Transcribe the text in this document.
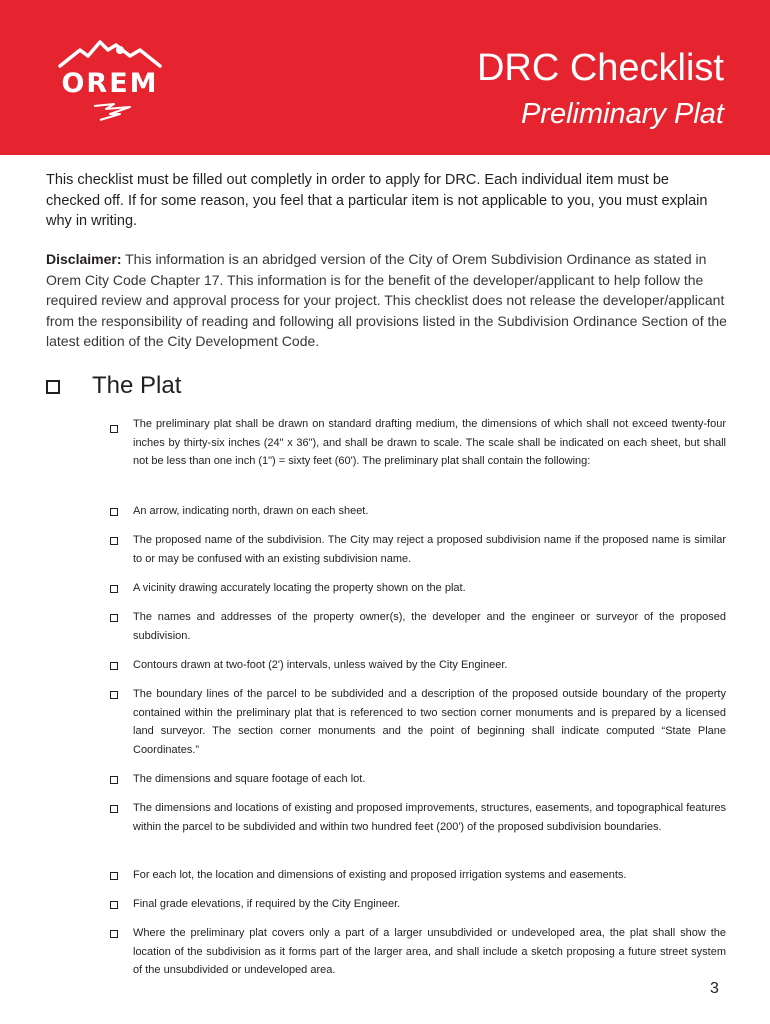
OREM	DRC Checklist
Preliminary Plat

This checklist must be filled out completly in order to apply for DRC. Each individual item must be checked off. If for some reason, you feel that a particular item is not applicable to you, you must explain why in writing.

Disclaimer: This information is an abridged version of the City of Orem Subdivision Ordinance as stated in Orem City Code Chapter 17. This information is for the benefit of the developer/applicant to help follow the required review and approval process for your project. This checklist does not release the developer/applicant from the responsibility of reading and following all provisions listed in the Subdivision Ordinance Section of the latest edition of the City Development Code.

The Plat

The preliminary plat shall be drawn on standard drafting medium, the dimensions of which shall not exceed twenty-four inches by thirty-six inches (24" x 36"), and shall be drawn to scale. The scale shall be indicated on each sheet, but shall not be less than one inch (1") = sixty feet (60'). The preliminary plat shall contain the following:

An arrow, indicating north, drawn on each sheet.

The proposed name of the subdivision. The City may reject a proposed subdivision name if the proposed name is similar to or may be confused with an existing subdivision name.

A vicinity drawing accurately locating the property shown on the plat.

The names and addresses of the property owner(s), the developer and the engineer or surveyor of the proposed subdivision.

Contours drawn at two-foot (2') intervals, unless waived by the City Engineer.

The boundary lines of the parcel to be subdivided and a description of the proposed outside boundary of the property contained within the preliminary plat that is referenced to two section corner monuments and is prepared by a licensed land surveyor. The section corner monuments and the point of beginning shall indicate computed “State Plane Coordinates.”

The dimensions and square footage of each lot.

The dimensions and locations of existing and proposed improvements, structures, easements, and topographical features within the parcel to be subdivided and within two hundred feet (200') of the proposed subdivision boundaries.

For each lot, the location and dimensions of existing and proposed irrigation systems and easements.

Final grade elevations, if required by the City Engineer.

Where the preliminary plat covers only a part of a larger unsubdivided or undeveloped area, the plat shall show the location of the subdivision as it forms part of the larger area, and shall include a sketch proposing a future street system of the unsubdivided or undeveloped area.

3
